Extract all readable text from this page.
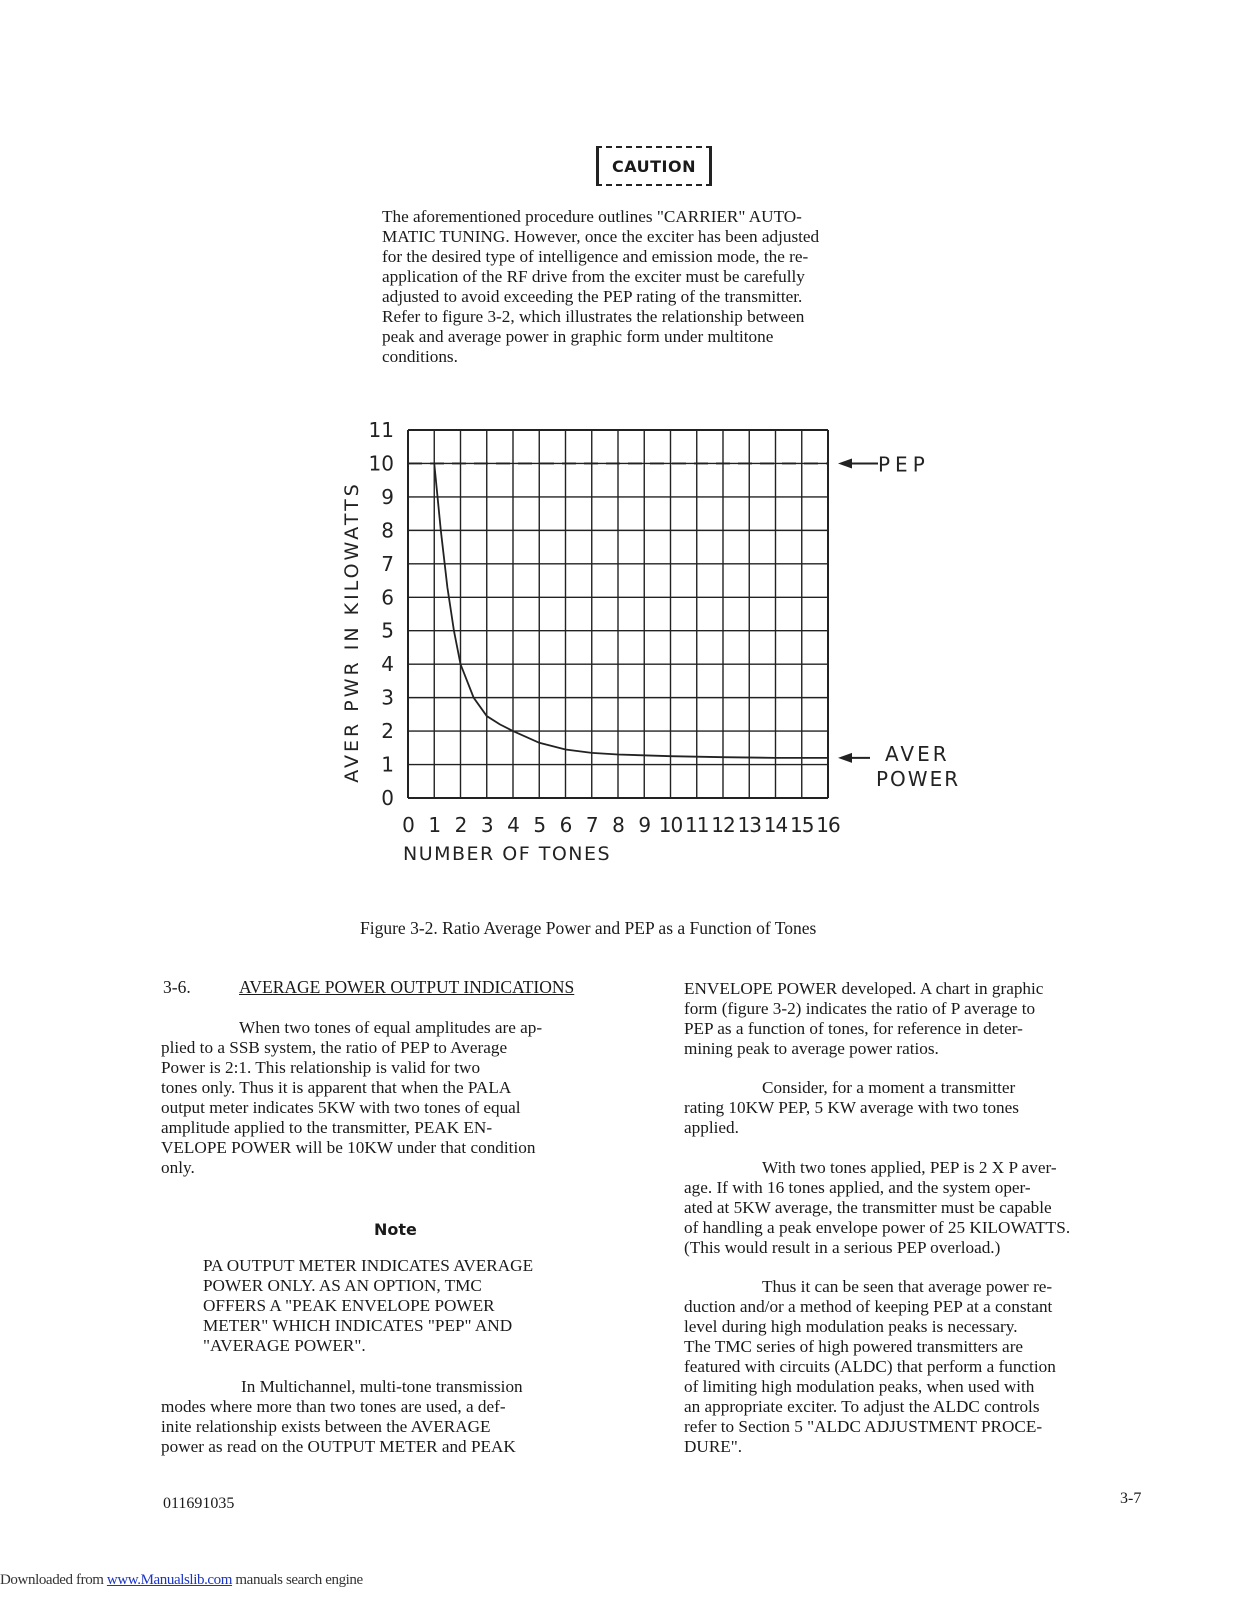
CAUTION
The aforementioned procedure outlines "CARRIER" AUTO-
MATIC TUNING. However, once the exciter has been adjusted
for the desired type of intelligence and emission mode, the re-
application of the RF drive from the exciter must be carefully
adjusted to avoid exceeding the PEP rating of the transmitter.
Refer to figure 3-2, which illustrates the relationship between
peak and average power in graphic form under multitone
conditions.
0
1
2
3
4
5
6
7
8
9
10
11
0 1 2 3 4 5 6 7 8 9 10 11 12 13 14 15 16
NUMBER OF TONES
AVER PWR IN KILOWATTS
PEP
AVER
POWER
Figure 3-2. Ratio Average Power and PEP as a Function of Tones
3-6.	AVERAGE POWER OUTPUT INDICATIONS
When two tones of equal amplitudes are ap-
plied to a SSB system, the ratio of PEP to Average
Power is 2:1. This relationship is valid for two
tones only. Thus it is apparent that when the PALA
output meter indicates 5KW with two tones of equal
amplitude applied to the transmitter, PEAK EN-
VELOPE POWER will be 10KW under that condition
only.
Note
PA OUTPUT METER INDICATES AVERAGE
POWER ONLY. AS AN OPTION, TMC
OFFERS A "PEAK ENVELOPE POWER
METER" WHICH INDICATES "PEP" AND
"AVERAGE POWER".
In Multichannel, multi-tone transmission
modes where more than two tones are used, a def-
inite relationship exists between the AVERAGE
power as read on the OUTPUT METER and PEAK
ENVELOPE POWER developed. A chart in graphic
form (figure 3-2) indicates the ratio of P average to
PEP as a function of tones, for reference in deter-
mining peak to average power ratios.
Consider, for a moment a transmitter
rating 10KW PEP, 5 KW average with two tones
applied.
With two tones applied, PEP is 2 X P aver-
age. If with 16 tones applied, and the system oper-
ated at 5KW average, the transmitter must be capable
of handling a peak envelope power of 25 KILOWATTS.
(This would result in a serious PEP overload.)
Thus it can be seen that average power re-
duction and/or a method of keeping PEP at a constant
level during high modulation peaks is necessary.
The TMC series of high powered transmitters are
featured with circuits (ALDC) that perform a function
of limiting high modulation peaks, when used with
an appropriate exciter. To adjust the ALDC controls
refer to Section 5 "ALDC ADJUSTMENT PROCE-
DURE".
011691035	3-7
Downloaded from www.Manualslib.com manuals search engine
